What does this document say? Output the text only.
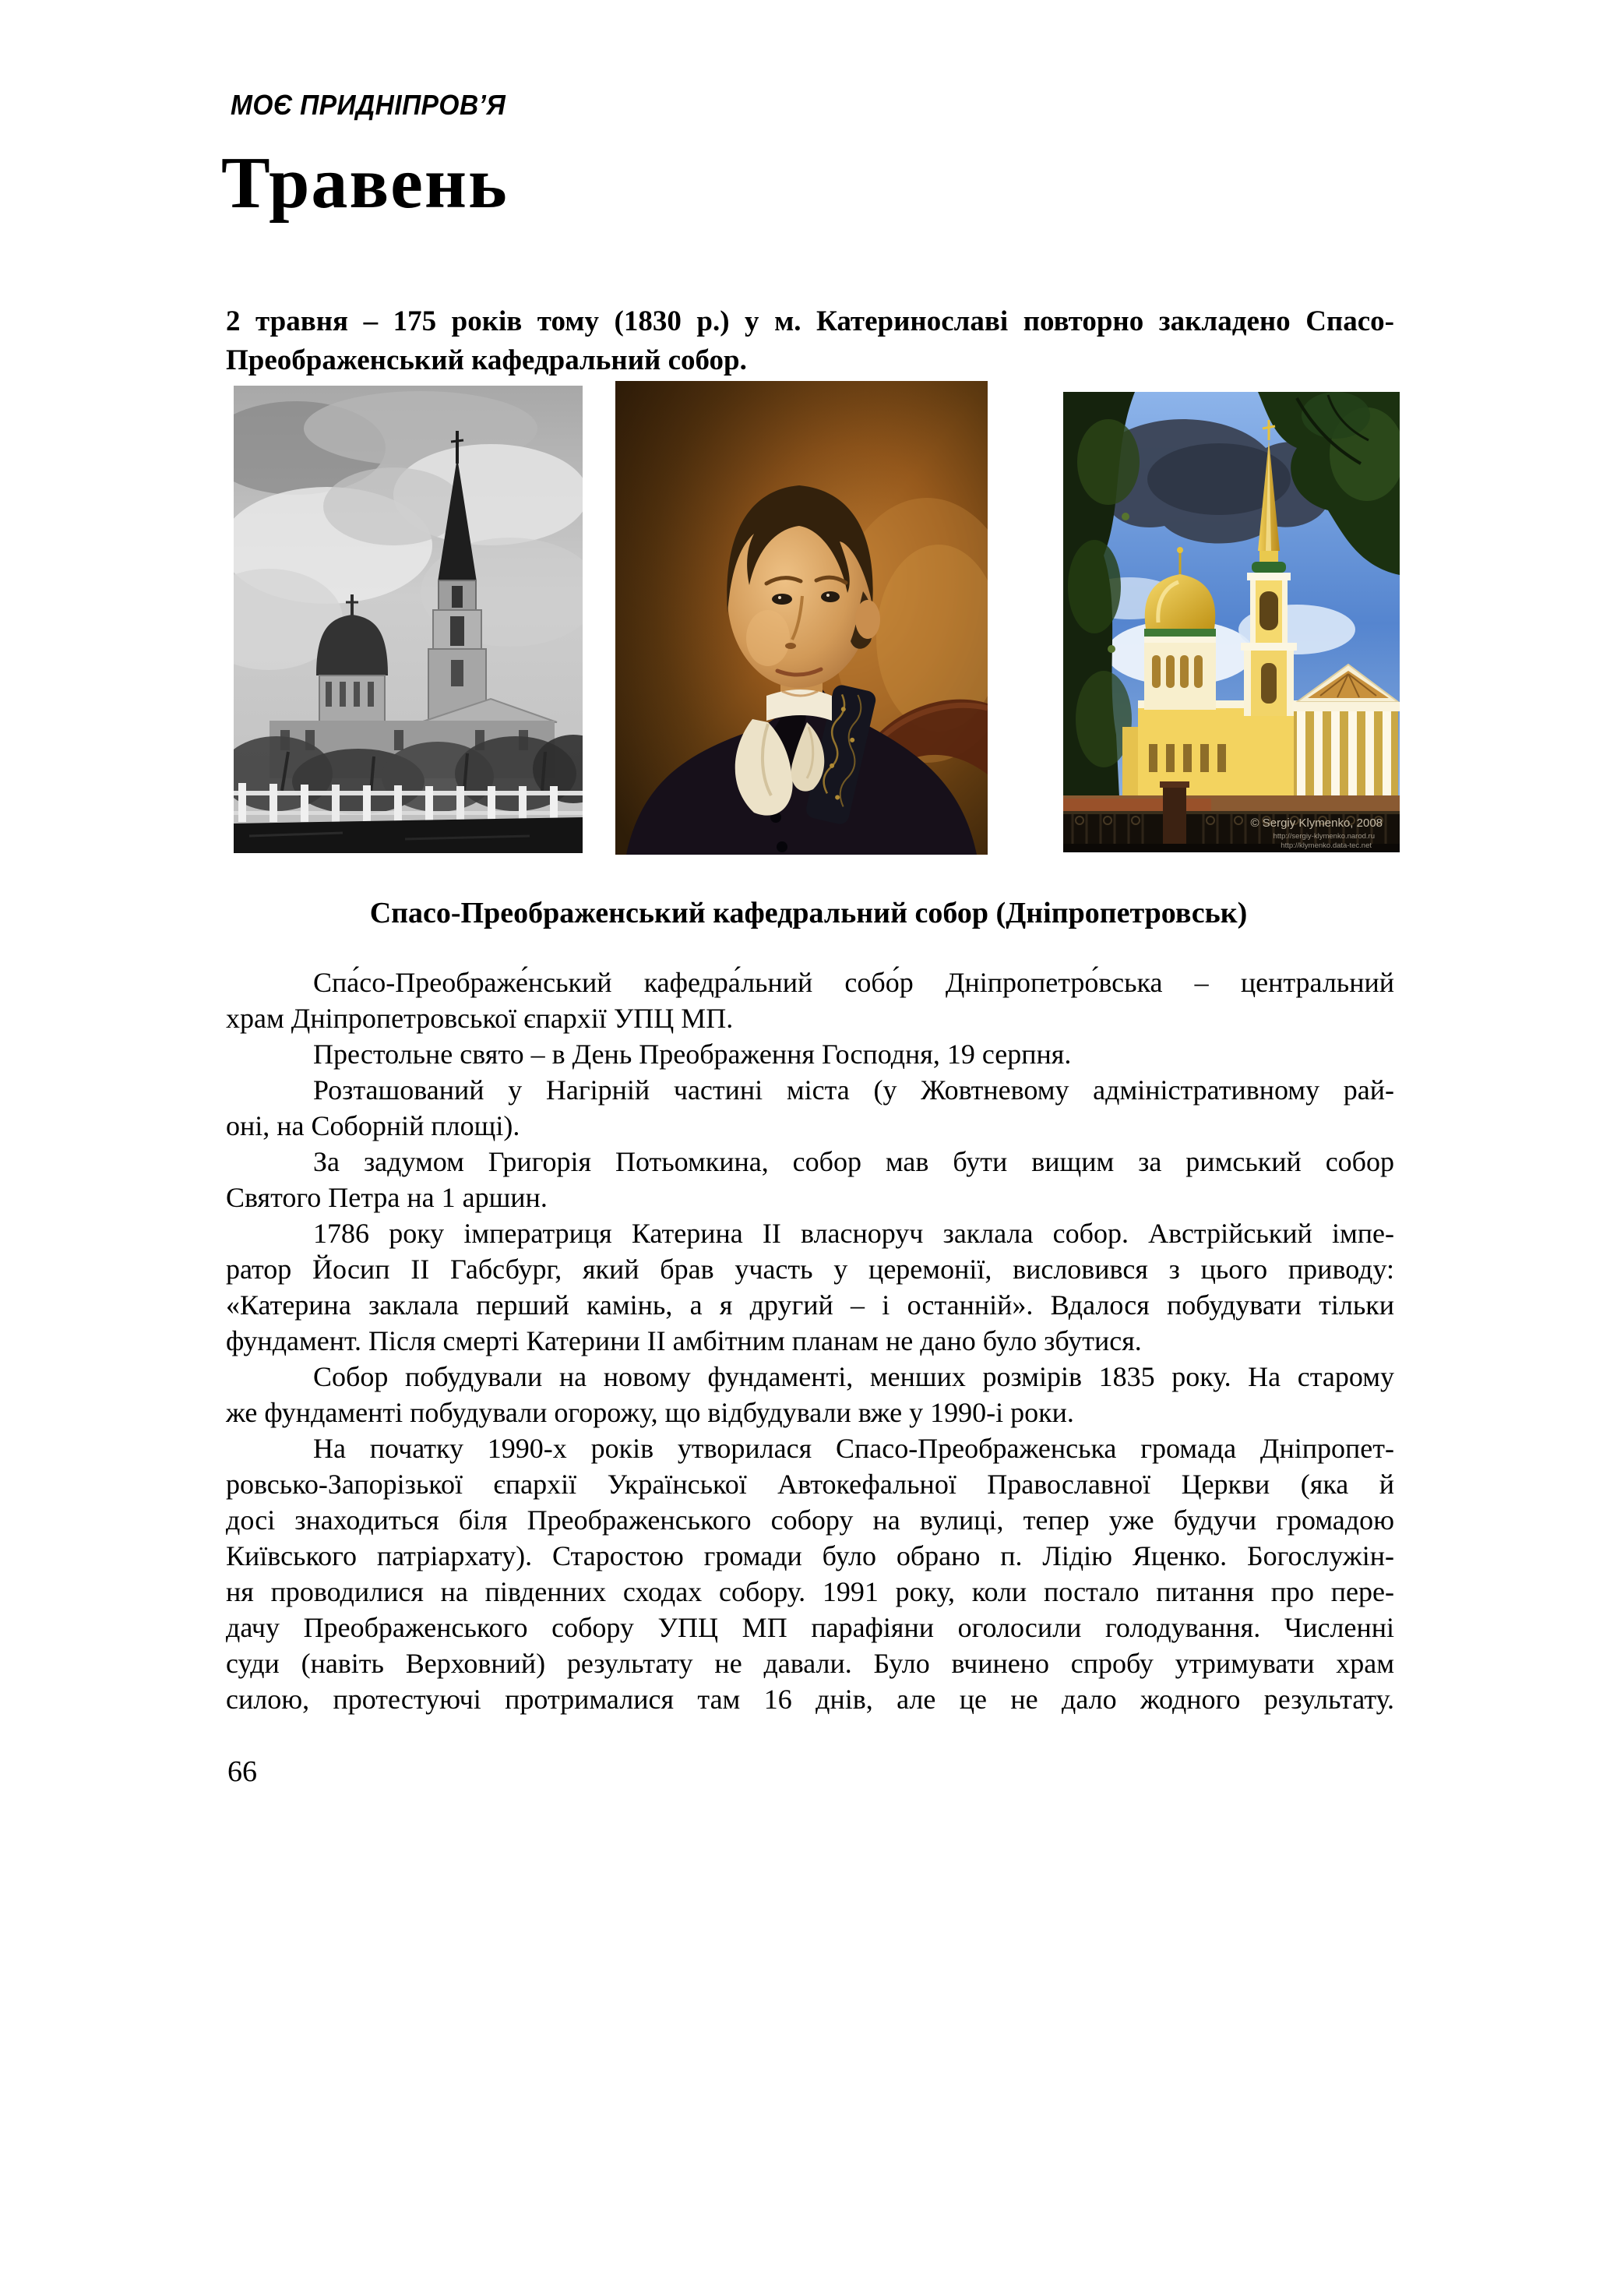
МОЄ ПРИДНІПРОВ’Я
Травень
2 травня – 175 років тому (1830 р.) у м. Катеринославі повторно закладено Спасо-
Преображенський кафедральний собор.
© Sergiy Klymenko, 2008
http://sergiy-klymenko.narod.ru
http://klymenko.data-tec.net
Спасо-Преображенський кафедральний собор (Дніпропетровськ)
Спа́со-Преображе́нський кафедра́льний собо́р Дніпропетро́вська – центральний
храм Дніпропетровської єпархії УПЦ МП.
Престольне свято – в День Преображення Господня, 19 серпня.
Розташований у Нагірній частині міста (у Жовтневому адміністративному рай-
оні, на Соборній площі).
За задумом Григорія Потьомкина, собор мав бути вищим за римський собор
Святого Петра на 1 аршин.
1786 року імператриця Катерина ІІ власноруч заклала собор. Австрійський імпе-
ратор Йосип ІІ Габсбург, який брав участь у церемонії, висловився з цього приводу:
«Катерина заклала перший камінь, а я другий – і останній». Вдалося побудувати тільки
фундамент. Після смерті Катерини ІІ амбітним планам не дано було збутися.
Собор побудували на новому фундаменті, менших розмірів 1835 року. На старому
же фундаменті побудували огорожу, що відбудували вже у 1990-і роки.
На початку 1990-х років утворилася Спасо-Преображенська громада Дніпропет-
ровсько-Запорізької єпархії Української Автокефальної Православної Церкви (яка й
досі знаходиться біля Преображенського собору на вулиці, тепер уже будучи громадою
Київського патріархату). Старостою громади було обрано п. Лідію Яценко. Богослужін-
ня проводилися на південних сходах собору. 1991 року, коли постало питання про пере-
дачу Преображенського собору УПЦ МП парафіяни оголосили голодування. Численні
суди (навіть Верховний) результату не давали. Було вчинено спробу утримувати храм
силою, протестуючі протрималися там 16 днів, але це не дало жодного результату.
66
